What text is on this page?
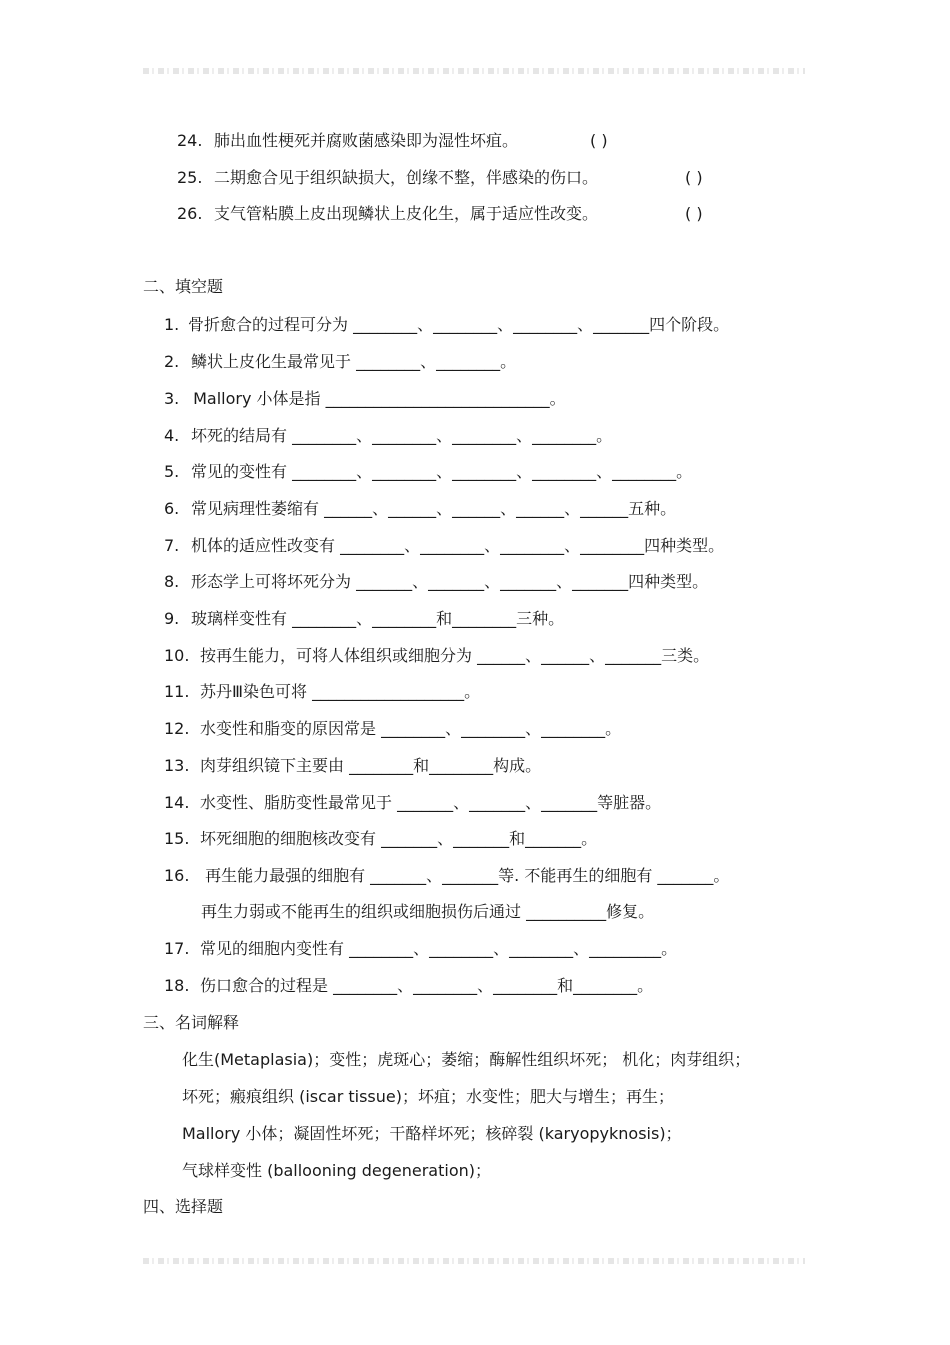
24. 肺出血性梗死并腐败菌感染即为湿性坏疽。	( )
25. 二期愈合见于组织缺损大，创缘不整，伴感染的伤口。	( )
26. 支气管粘膜上皮出现鳞状上皮化生，属于适应性改变。	( )
二、填空题
1. 骨折愈合的过程可分为 ________、________、________、_______四个阶段。
2. 鳞状上皮化生最常见于 ________、________。
3. Mallory 小体是指 ____________________________。
4. 坏死的结局有 ________、________、________、________。
5. 常见的变性有 ________、________、________、________、________。
6. 常见病理性萎缩有 ______、______、______、______、______五种。
7. 机体的适应性改变有 ________、________、________、________四种类型。
8. 形态学上可将坏死分为 _______、_______、_______、_______四种类型。
9. 玻璃样变性有 ________、________和________三种。
10. 按再生能力，可将人体组织或细胞分为 ______、______、_______三类。
11. 苏丹Ⅲ染色可将 ___________________。
12. 水变性和脂变的原因常是 ________、________、________。
13. 肉芽组织镜下主要由 ________和________构成。
14. 水变性、脂肪变性最常见于 _______、_______、_______等脏器。
15. 坏死细胞的细胞核改变有 _______、_______和_______。
16. 再生能力最强的细胞有 _______、_______等. 不能再生的细胞有 _______。
再生力弱或不能再生的组织或细胞损伤后通过 __________修复。
17. 常见的细胞内变性有 ________、________、________、_________。
18. 伤口愈合的过程是 ________、________、________和________。
三、名词解释
化生(Metaplasia)；变性；虎斑心；萎缩；酶解性组织坏死； 机化；肉芽组织；
坏死；瘢痕组织 (iscar tissue)；坏疽；水变性；肥大与增生；再生；
Mallory 小体；凝固性坏死；干酪样坏死；核碎裂 (karyopyknosis)；
气球样变性 (ballooning degeneration)；
四、选择题
